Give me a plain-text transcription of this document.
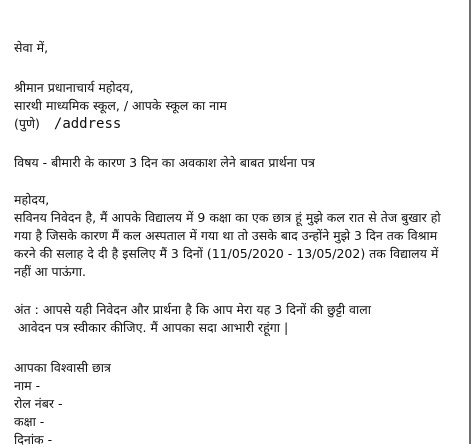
सेवा में,
श्रीमान प्रधानाचार्य महोदय,
सारथी माध्यमिक स्कूल, / आपके स्कूल का नाम
(पुणे) /address
विषय - बीमारी के कारण 3 दिन का अवकाश लेने बाबत प्रार्थना पत्र
महोदय,
सविनय निवेदन है, मैं आपके विद्यालय में 9 कक्षा का एक छात्र हूं मुझे कल रात से तेज बुखार हो
गया है जिसके कारण मैं कल अस्पताल में गया था तो उसके बाद उन्होंने मुझे 3 दिन तक विश्राम
करने की सलाह दे दी है इसलिए मैं 3 दिनों (11/05/2020 - 13/05/202) तक विद्यालय में
नहीं आ पाऊंगा.
अंत : आपसे यही निवेदन और प्रार्थना है कि आप मेरा यह 3 दिनों की छुट्टी वाला
आवेदन पत्र स्वीकार कीजिए. मैं आपका सदा आभारी रहूंगा |
आपका विश्वासी छात्र
नाम -
रोल नंबर -
कक्षा -
दिनांक -
